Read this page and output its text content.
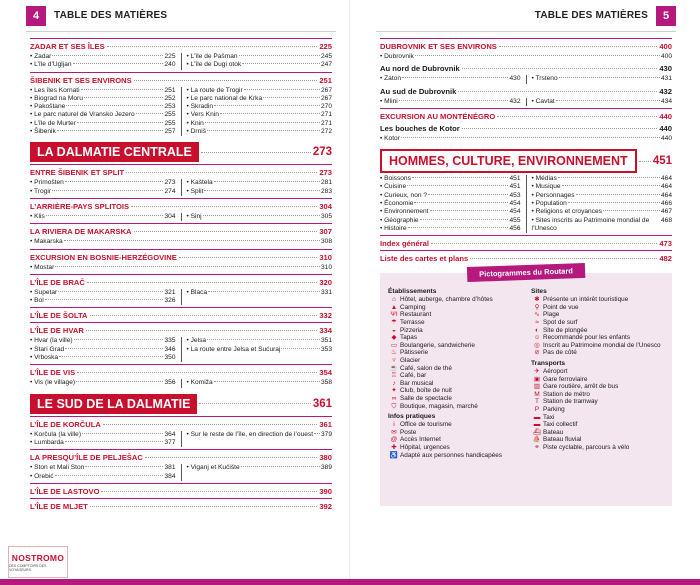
4	TABLE DES MATIÈRES
ZADAR ET SES ÎLES	225
• Zadar	225
• L’île d’Ugljan	240
• L’île de Pašman	245
• L’île de Dugi otok	247
ŠIBENIK ET SES ENVIRONS	251
• Les îles Kornati	251
• Biograd na Moru	252
• Pakoštane	253
• Le parc naturel de Vransko Jezero	255
• L’île de Murter	255
• Šibenik	257
• La route de Trogir	267
• Le parc national de Krka	267
• Skradin	270
• Vers Knin	271
• Knin	271
• Drniš	272
LA DALMATIE CENTRALE	273
ENTRE ŠIBENIK ET SPLIT	273
• Primošten	273
• Trogir	274
• Kaštela	281
• Split	283
L’ARRIÈRE-PAYS SPLITOIS	304
• Klis	304 • Sinj	305
LA RIVIERA DE MAKARSKA	307
• Makarska	308
EXCURSION EN BOSNIE-HERZÉGOVINE	310
• Mostar	310
L’ÎLE DE BRAČ	320
• Supetar	321
• Bol	326
• Blaca	331
L’ÎLE DE ŠOLTA	332
L’ÎLE DE HVAR	334
• Hvar (la ville)	335
• Stari Grad	346
• Vrboska	350
• Jelsa	351
• La route entre Jelsa et Sućuraj	353
L’ÎLE DE VIS	354
• Vis (le village)	356 • Komiža	358
LE SUD DE LA DALMATIE	361
L’ÎLE DE KORČULA	361
• Korčula (la ville)	364
• Lumbarda	377
• Sur le reste de l’île, en direction de l’ouest 379
LA PRESQU’ÎLE DE PELJEŠAC	380
• Ston et Mali Ston	381
• Orebić	384
• Viganj et Kučište	389
L’ÎLE DE LASTOVO	390
L’ÎLE DE MLJET	392
TABLE DES MATIÈRES	5
DUBROVNIK ET SES ENVIRONS	400
• Dubrovnik	400
Au nord de Dubrovnik	430
• Zaton	430 • Trsteno	431
Au sud de Dubrovnik	432
• Mlini	432 • Cavtat	434
EXCURSION AU MONTÉNÉGRO	440
Les bouches de Kotor	440
• Kotor	440
HOMMES, CULTURE, ENVIRONNEMENT	451
• Boissons	451
• Cuisine	451
• Curieux, non ?	453
• Économie	454
• Environnement	454
• Géographie	455
• Histoire	456
• Médias	464
• Musique	464
• Personnages	464
• Population	466
• Religions et croyances	467
• Sites inscrits au Patrimoine mondial de l’Unesco
468
Index général	473
Liste des cartes et plans	482
Pictogrammes du Routard
Établissements
⌂ Hôtel, auberge, chambre d’hôtes
▲ Camping
ΨΙ Restaurant
☂ Terrasse
◒ Pizzeria
◆ Tapas
▭ Boulangerie, sandwicherie
♨ Pâtisserie
▿ Glacier
☕ Café, salon de thé
♖ Café, bar
♪ Bar musical
✦ Club, boîte de nuit
∞ Salle de spectacle
⛉ Boutique, magasin, marché
Infos pratiques
i Office de tourisme
✉ Poste
@ Accès Internet
✚ Hôpital, urgences
♿ Adapté aux personnes handicapées
Sites
✱ Présente un intérêt touristique
⚲ Point de vue
∿ Plage
≈ Spot de surf
◐ Site de plongée
☺ Recommandé pour les enfants
◎ Inscrit au Patrimoine mondial de l’Unesco
⊘ Pas de côté
Transports
✈ Aéroport
▣ Gare ferroviaire
▥ Gare routière, arrêt de bus
M Station de métro
T Station de tramway
P Parking
▬ Taxi
▬ Taxi collectif
⛴ Bateau
⛵ Bateau fluvial
⚭ Piste cyclable, parcours à vélo
NOSTROMO
DES COMPTOIRS DES VOYAGEURS
